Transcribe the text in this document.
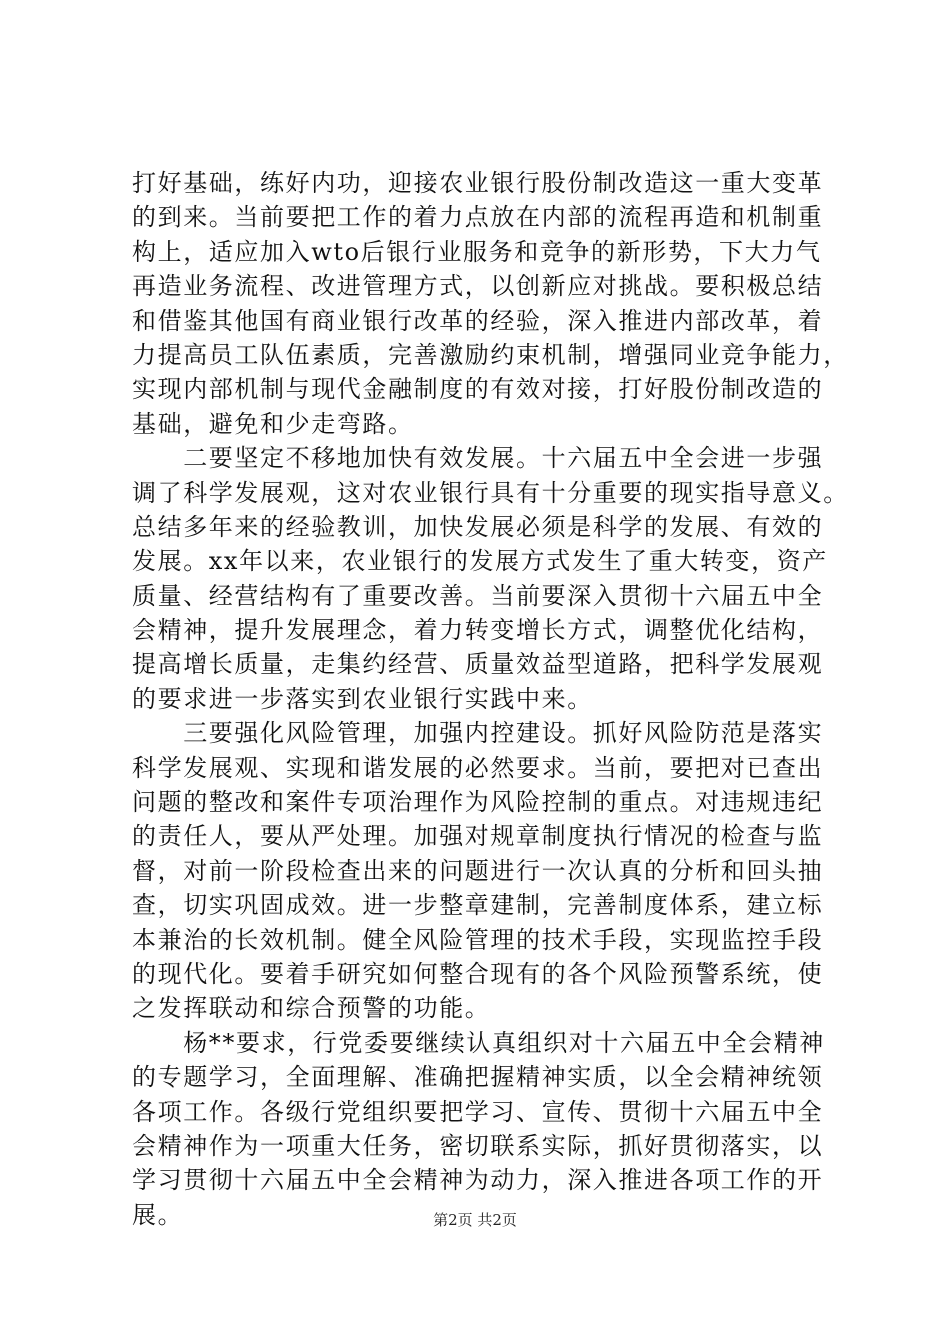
打好基础，练好内功，迎接农业银行股份制改造这一重大变革
的到来。当前要把工作的着力点放在内部的流程再造和机制重
构上，适应加入wto后银行业服务和竞争的新形势，下大力气
再造业务流程、改进管理方式，以创新应对挑战。要积极总结
和借鉴其他国有商业银行改革的经验，深入推进内部改革，着
力提高员工队伍素质，完善激励约束机制，增强同业竞争能力，
实现内部机制与现代金融制度的有效对接，打好股份制改造的
基础，避免和少走弯路。
　　二要坚定不移地加快有效发展。十六届五中全会进一步强
调了科学发展观，这对农业银行具有十分重要的现实指导意义。
总结多年来的经验教训，加快发展必须是科学的发展、有效的
发展。xx年以来，农业银行的发展方式发生了重大转变，资产
质量、经营结构有了重要改善。当前要深入贯彻十六届五中全
会精神，提升发展理念，着力转变增长方式，调整优化结构，
提高增长质量，走集约经营、质量效益型道路，把科学发展观
的要求进一步落实到农业银行实践中来。
　　三要强化风险管理，加强内控建设。抓好风险防范是落实
科学发展观、实现和谐发展的必然要求。当前，要把对已查出
问题的整改和案件专项治理作为风险控制的重点。对违规违纪
的责任人，要从严处理。加强对规章制度执行情况的检查与监
督，对前一阶段检查出来的问题进行一次认真的分析和回头抽
查，切实巩固成效。进一步整章建制，完善制度体系，建立标
本兼治的长效机制。健全风险管理的技术手段，实现监控手段
的现代化。要着手研究如何整合现有的各个风险预警系统，使
之发挥联动和综合预警的功能。
　　杨**要求，行党委要继续认真组织对十六届五中全会精神
的专题学习，全面理解、准确把握精神实质，以全会精神统领
各项工作。各级行党组织要把学习、宣传、贯彻十六届五中全
会精神作为一项重大任务，密切联系实际，抓好贯彻落实，以
学习贯彻十六届五中全会精神为动力，深入推进各项工作的开
展。	第2页 共2页
